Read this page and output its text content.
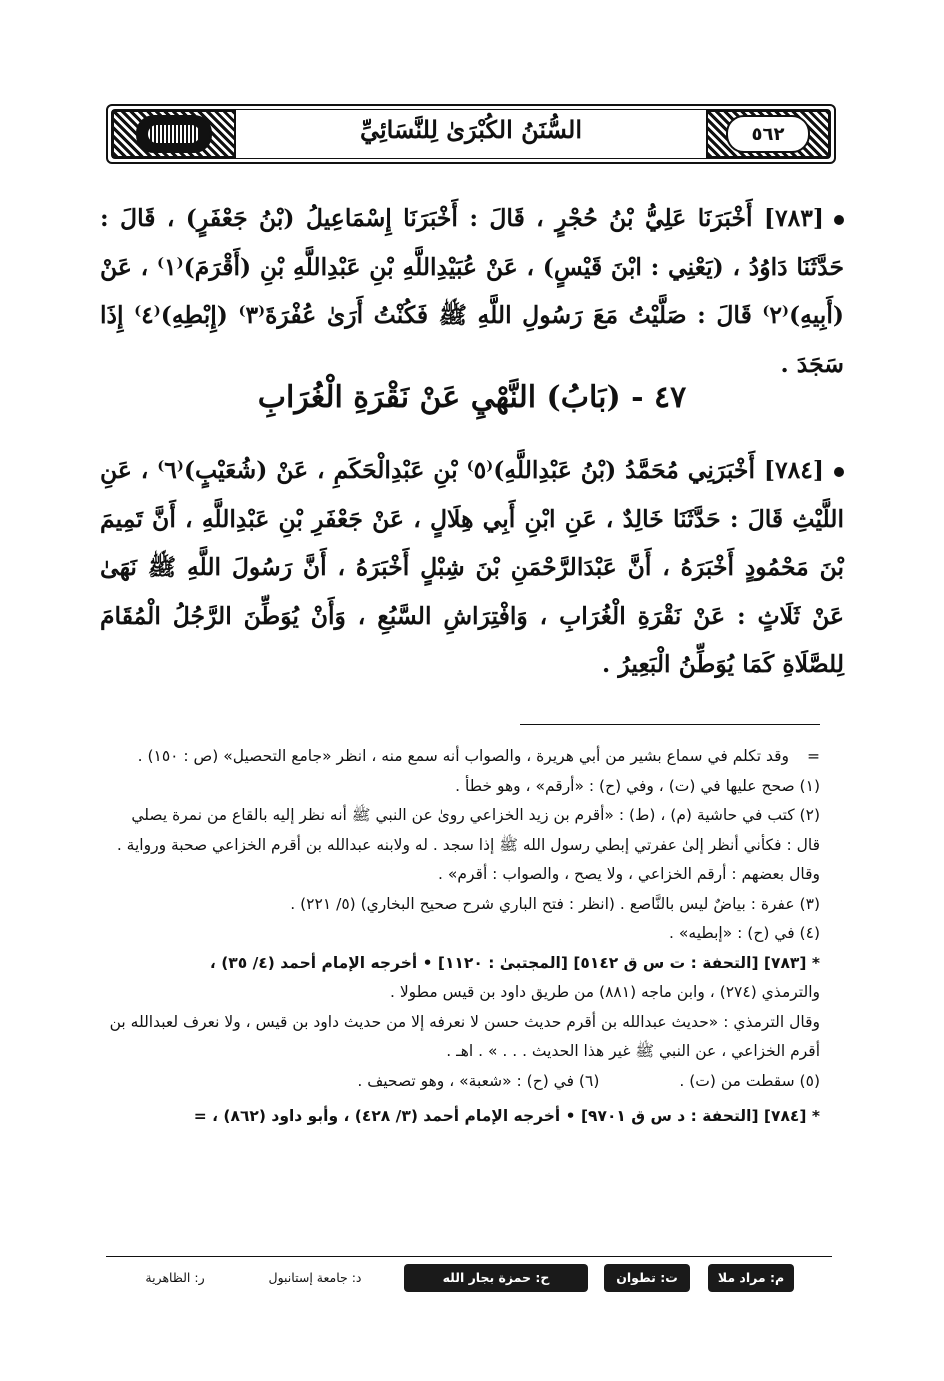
السُّنَنُ الكُبْرَىٰ لِلنَّسَائِيِّ	٥٦٢
[٧٨٣] أَخْبَرَنَا عَلِيُّ بْنُ حُجْرٍ ، قَالَ : أَخْبَرَنَا إِسْمَاعِيلُ (بْنُ جَعْفَرٍ) ، قَالَ : حَدَّثَنَا دَاوُدُ ، (يَعْنِي : ابْنَ قَيْسٍ) ، عَنْ عُبَيْدِاللَّهِ بْنِ عَبْدِاللَّهِ بْنِ (أَقْرَمَ)⁽١⁾ ، عَنْ (أَبِيهِ)⁽٢⁾ قَالَ : صَلَّيْتُ مَعَ رَسُولِ اللَّهِ ﷺ فَكُنْتُ أَرَىٰ عُفْرَةَ⁽٣⁾ (إِبْطِهِ)⁽٤⁾ إِذَا سَجَدَ .
٤٧ - (بَابُ) النَّهْيِ عَنْ نَقْرَةِ الْغُرَابِ
[٧٨٤] أَخْبَرَنِي مُحَمَّدُ (بْنُ عَبْدِاللَّهِ)⁽٥⁾ بْنِ عَبْدِالْحَكَمِ ، عَنْ (شُعَيْبٍ)⁽٦⁾ ، عَنِ اللَّيْثِ قَالَ : حَدَّثَنَا خَالِدٌ ، عَنِ ابْنِ أَبِي هِلَالٍ ، عَنْ جَعْفَرِ بْنِ عَبْدِاللَّهِ ، أَنَّ تَمِيمَ بْنَ مَحْمُودٍ أَخْبَرَهُ ، أَنَّ عَبْدَالرَّحْمَنِ بْنَ شِبْلٍ أَخْبَرَهُ ، أَنَّ رَسُولَ اللَّهِ ﷺ نَهَىٰ عَنْ ثَلَاثٍ : عَنْ نَقْرَةِ الْغُرَابِ ، وَافْتِرَاشِ السَّبُعِ ، وَأَنْ يُوَطِّنَ الرَّجُلُ الْمُقَامَ لِلصَّلَاةِ كَمَا يُوَطِّنُ الْبَعِيرُ .

=وقد تكلم في سماع بشير من أبي هريرة ، والصواب أنه سمع منه ، انظر «جامع التحصيل» (ص : ١٥٠) .

(١) صحح عليها في (ت) ، وفي (ح) : «أرقم» ، وهو خطأ .

(٢) كتب في حاشية (م) ، (ط) : «أقرم بن زيد الخزاعي روىٰ عن النبي ﷺ أنه نظر إليه بالقاع من نمرة يصلي قال : فكأني أنظر إلىٰ عفرتي إبطي رسول الله ﷺ إذا سجد . له ولابنه عبدالله بن أقرم الخزاعي صحبة ورواية . وقال بعضهم : أرقم الخزاعي ، ولا يصح ، والصواب : أقرم» .

(٣) عفرة : بياضٌ ليس بالنَّاصع . (انظر : فتح الباري شرح صحيح البخاري) (٥/ ٢٢١) .

(٤) في (ح) : «إبطيه» .

* [٧٨٣] [التحفة : ت س ق ٥١٤٢] [المجتبىٰ : ١١٢٠] • أخرجه الإمام أحمد (٤/ ٣٥) ،

والترمذي (٢٧٤) ، وابن ماجه (٨٨١) من طريق داود بن قيس مطولا .

وقال الترمذي : «حديث عبدالله بن أقرم حديث حسن لا نعرفه إلا من حديث داود بن قيس ، ولا نعرف لعبدالله بن أقرم الخزاعي ، عن النبي ﷺ غير هذا الحديث . . . » . اهـ .

(٥) سقطت من (ت) .(٦) في (ح) : «شعبة» ، وهو تصحيف .

* [٧٨٤] [التحفة : د س ق ٩٧٠١] • أخرجه الإمام أحمد (٣/ ٤٢٨) ، وأبو داود (٨٦٢) ، =

ر: الظاهرية	د: جامعة إستانبول	ح: حمزة بجار الله	ت: تطوان	م: مراد ملا
